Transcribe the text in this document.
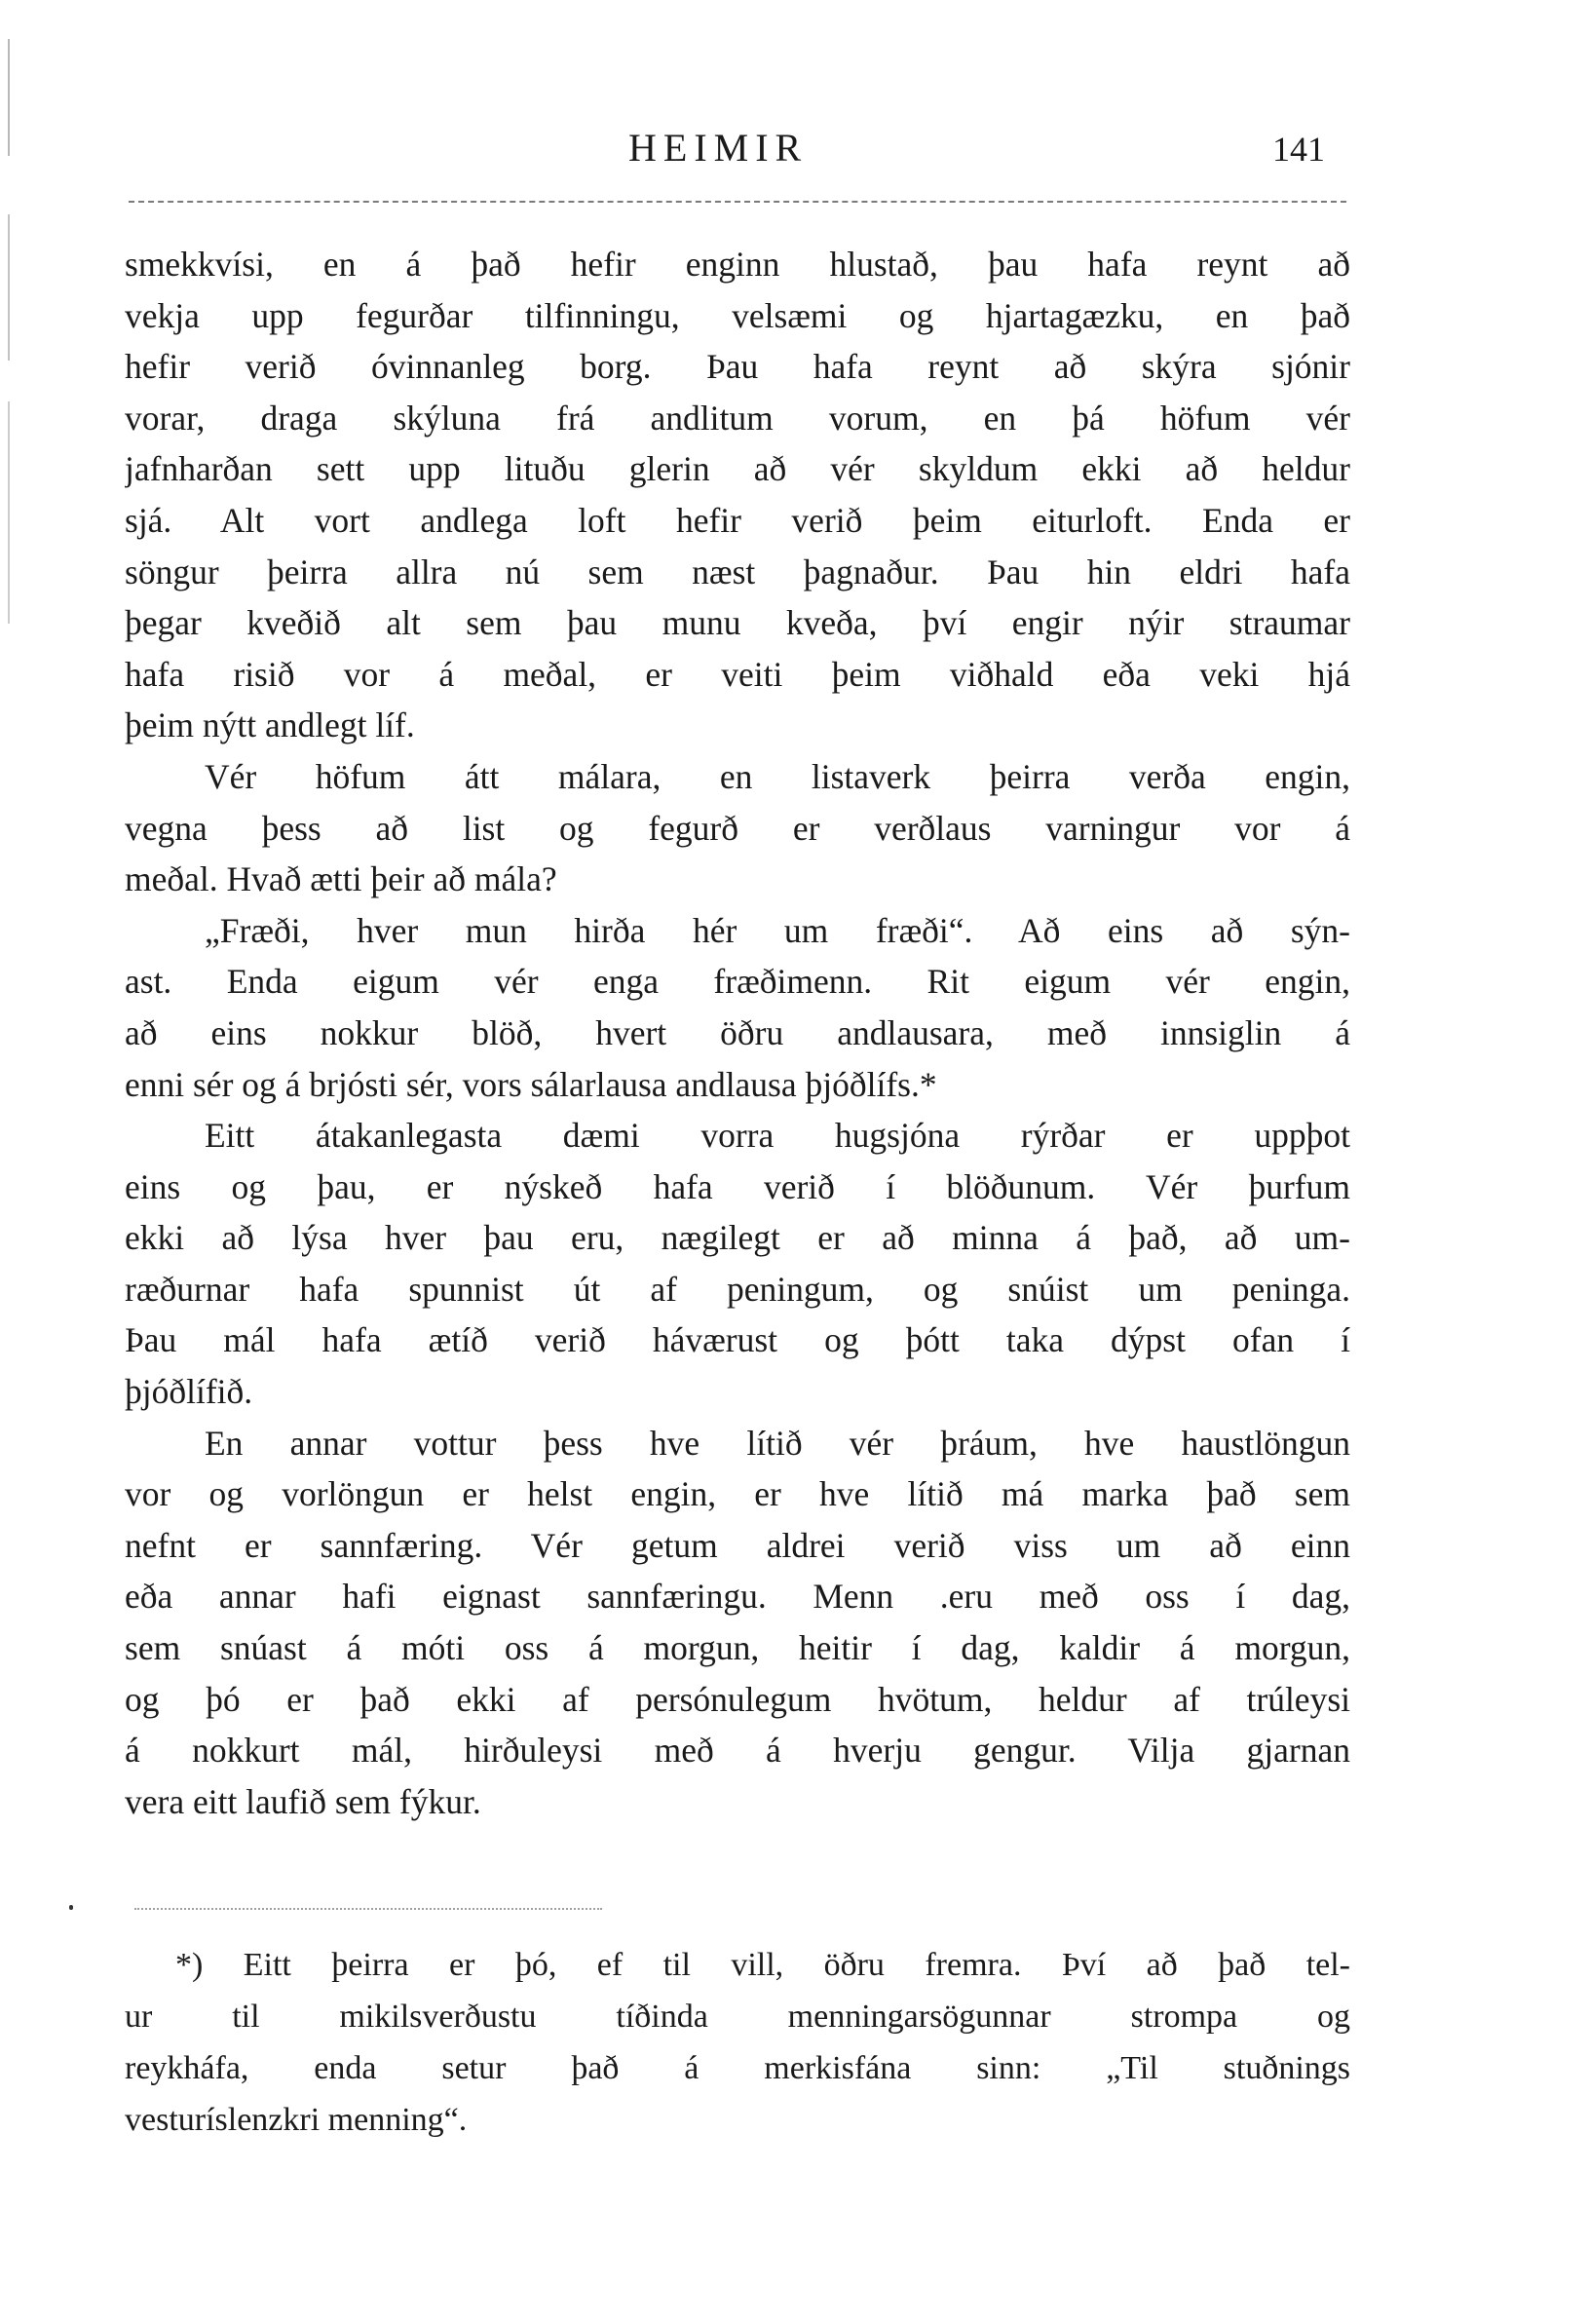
HEIMIR	141
smekkvísi, en á það hefir enginn hlustað, þau hafa reynt að
vekja upp fegurðar tilfinningu, velsæmi og hjartagæzku, en það
hefir verið óvinnanleg borg. Þau hafa reynt að skýra sjónir
vorar, draga skýluna frá andlitum vorum, en þá höfum vér
jafnharðan sett upp lituðu glerin að vér skyldum ekki að heldur
sjá. Alt vort andlega loft hefir verið þeim eiturloft. Enda er
söngur þeirra allra nú sem næst þagnaður. Þau hin eldri hafa
þegar kveðið alt sem þau munu kveða, því engir nýir straumar
hafa risið vor á meðal, er veiti þeim viðhald eða veki hjá
þeim nýtt andlegt líf.
Vér höfum átt málara, en listaverk þeirra verða engin,
vegna þess að list og fegurð er verðlaus varningur vor á
meðal. Hvað ætti þeir að mála?
„Fræði, hver mun hirða hér um fræði“. Að eins að sýn-
ast. Enda eigum vér enga fræðimenn. Rit eigum vér engin,
að eins nokkur blöð, hvert öðru andlausara, með innsiglin á
enni sér og á brjósti sér, vors sálarlausa andlausa þjóðlífs.*
Eitt átakanlegasta dæmi vorra hugsjóna rýrðar er uppþot
eins og þau, er nýskeð hafa verið í blöðunum. Vér þurfum
ekki að lýsa hver þau eru, nægilegt er að minna á það, að um-
ræðurnar hafa spunnist út af peningum, og snúist um peninga.
Þau mál hafa ætíð verið háværust og þótt taka dýpst ofan í
þjóðlífið.
En annar vottur þess hve lítið vér þráum, hve haustlöngun
vor og vorlöngun er helst engin, er hve lítið má marka það sem
nefnt er sannfæring. Vér getum aldrei verið viss um að einn
eða annar hafi eignast sannfæringu. Menn .eru með oss í dag,
sem snúast á móti oss á morgun, heitir í dag, kaldir á morgun,
og þó er það ekki af persónulegum hvötum, heldur af trúleysi
á nokkurt mál, hirðuleysi með á hverju gengur. Vilja gjarnan
vera eitt laufið sem fýkur.
*) Eitt þeirra er þó, ef til vill, öðru fremra. Því að það tel-
ur til mikilsverðustu tíðinda menningarsögunnar strompa og
reykháfa, enda setur það á merkisfána sinn: „Til stuðnings
vesturíslenzkri menning“.
